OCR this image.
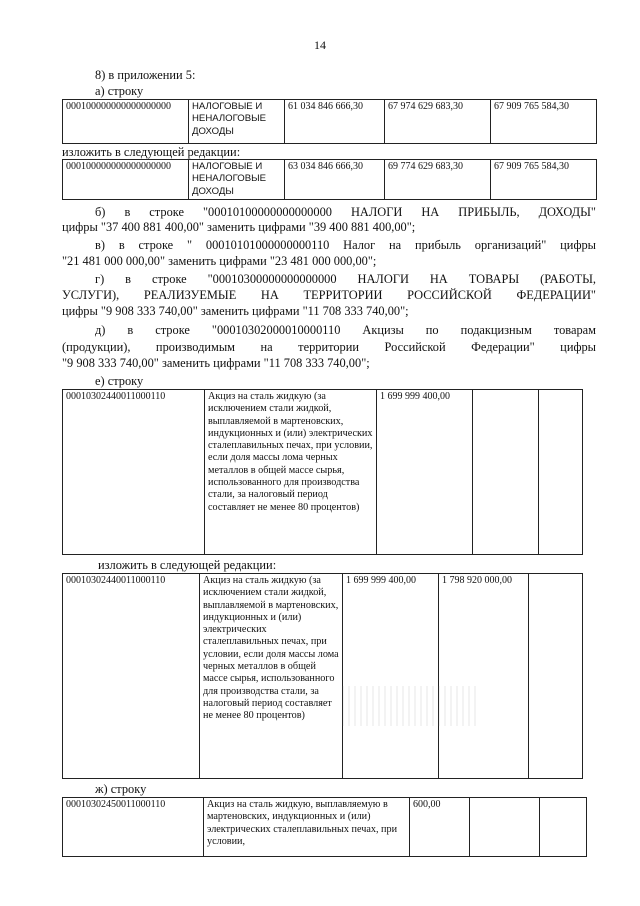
14
8) в приложении 5:
а) строку
000100000000000000000	НАЛОГОВЫЕ И НЕНАЛОГОВЫЕ ДОХОДЫ	61 034 846 666,30	67 974 629 683,30	67 909 765 584,30
изложить в следующей редакции:
000100000000000000000	НАЛОГОВЫЕ И НЕНАЛОГОВЫЕ ДОХОДЫ	63 034 846 666,30	69 774 629 683,30	67 909 765 584,30
б) в строке "00010100000000000000 НАЛОГИ НА ПРИБЫЛЬ, ДОХОДЫ"
цифры "37 400 881 400,00" заменить цифрами "39 400 881 400,00";
в) в строке " 00010101000000000110 Налог на прибыль организаций" цифры
"21 481 000 000,00" заменить цифрами "23 481 000 000,00";
г) в строке "00010300000000000000 НАЛОГИ НА ТОВАРЫ (РАБОТЫ,
УСЛУГИ), РЕАЛИЗУЕМЫЕ НА ТЕРРИТОРИИ РОССИЙСКОЙ ФЕДЕРАЦИИ"
цифры "9 908 333 740,00" заменить цифрами "11 708 333 740,00";
д) в строке "00010302000010000110 Акцизы по подакцизным товарам
(продукции), производимым на территории Российской Федерации" цифры
"9 908 333 740,00" заменить цифрами "11 708 333 740,00";
е) строку
00010302440011000110	Акциз на сталь жидкую (за исключением стали жидкой, выплавляемой в мартеновских, индукционных и (или) электрических сталеплавильных печах, при условии, если доля массы лома черных металлов в общей массе сырья, использованного для производства стали, за налоговый период составляет не менее 80 процентов)	1 699 999 400,00		
изложить в следующей редакции:
00010302440011000110	Акциз на сталь жидкую (за исключением стали жидкой, выплавляемой в мартеновских, индукционных и (или) электрических сталеплавильных печах, при условии, если доля массы лома черных металлов в общей массе сырья, использованного для производства стали, за налоговый период составляет не менее 80 процентов)	1 699 999 400,00	1 798 920 000,00	
ж) строку
00010302450011000110	Акциз на сталь жидкую, выплавляемую в мартеновских, индукционных и (или) электрических сталеплавильных печах, при условии,	600,00		
